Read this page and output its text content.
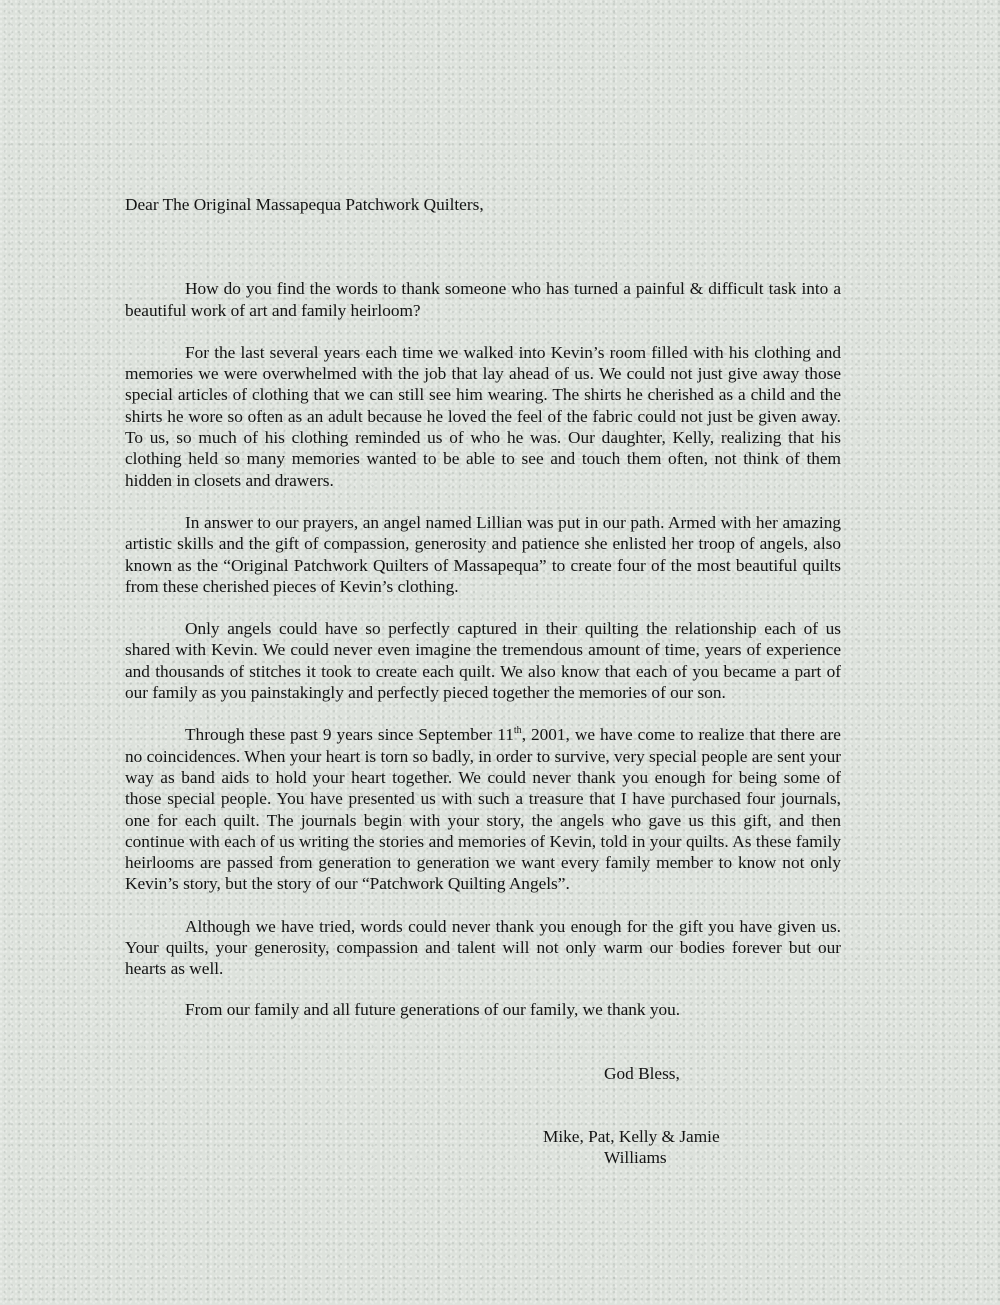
Dear The Original Massapequa Patchwork Quilters,

How do you find the words to thank someone who has turned a painful & difficult task into a beautiful work of art and family heirloom?

For the last several years each time we walked into Kevin’s room filled with his clothing and memories we were overwhelmed with the job that lay ahead of us. We could not just give away those special articles of clothing that we can still see him wearing. The shirts he cherished as a child and the shirts he wore so often as an adult because he loved the feel of the fabric could not just be given away. To us, so much of his clothing reminded us of who he was. Our daughter, Kelly, realizing that his clothing held so many memories wanted to be able to see and touch them often, not think of them hidden in closets and drawers.

In answer to our prayers, an angel named Lillian was put in our path. Armed with her amazing artistic skills and the gift of compassion, generosity and patience she enlisted her troop of angels, also known as the “Original Patchwork Quilters of Massapequa” to create four of the most beautiful quilts from these cherished pieces of Kevin’s clothing.

Only angels could have so perfectly captured in their quilting the relationship each of us shared with Kevin. We could never even imagine the tremendous amount of time, years of experience and thousands of stitches it took to create each quilt. We also know that each of you became a part of our family as you painstakingly and perfectly pieced together the memories of our son.

Through these past 9 years since September 11th, 2001, we have come to realize that there are no coincidences. When your heart is torn so badly, in order to survive, very special people are sent your way as band aids to hold your heart together. We could never thank you enough for being some of those special people. You have presented us with such a treasure that I have purchased four journals, one for each quilt. The journals begin with your story, the angels who gave us this gift, and then continue with each of us writing the stories and memories of Kevin, told in your quilts. As these family heirlooms are passed from generation to generation we want every family member to know not only Kevin’s story, but the story of our “Patchwork Quilting Angels”.

Although we have tried, words could never thank you enough for the gift you have given us. Your quilts, your generosity, compassion and talent will not only warm our bodies forever but our hearts as well.

From our family and all future generations of our family, we thank you.

God Bless,
Mike, Pat, Kelly & Jamie
Williams
